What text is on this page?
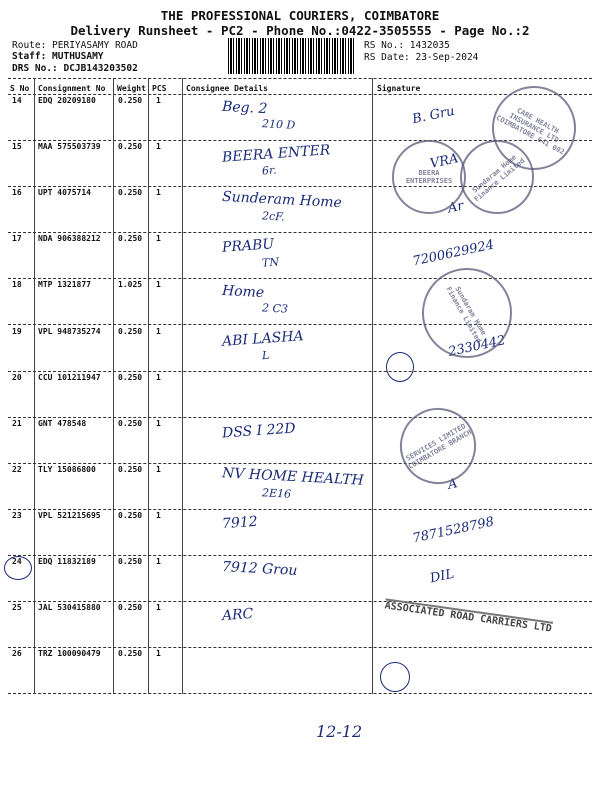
THE PROFESSIONAL COURIERS, COIMBATORE
Delivery Runsheet - PC2 - Phone No.:0422-3505555 - Page No.:2
Route: PERIYASAMY ROAD
Staff: MUTHUSAMY
DRS No.: DCJB143203502
RS No.: 1432035
RS Date: 23-Sep-2024
S No Consignment No Weight PCS Consignee Details	Signature
14 EDQ 20209180	0.250 1	Beg. 2
210 D	B. Gru
15 MAA 575503739 0.250 1	BEERA ENTER
6r.	VRA
16 UPT 4075714	0.250 1	Sunderam Home
2cF.
Ar
17 NDA 906388212 0.250 1	PRABU
TN	7200629924
18 MTP 1321877	1.025 1	Home
2 C3
19 VPL 948735274 0.250 1	ABI LASHA
L	2330442
20 CCU 101211947 0.250 1
21 GNT 478548	0.250 1	DSS I 22D
22 TLY 15086800	0.250 1	NV HOME HEALTH
2E16
A
23 VPL 521215695 0.250 1	7912	7871528798
24 EDQ 11832189	0.250 1	7912 Grou	DIL
25 JAL 530415880 0.250 1	ARC
26 TRZ 100090479 0.250 1
CARE HEALTH INSURANCE LTD COIMBATORE 641 002
BEERA ENTERPRISES	Sundaram Home Finance Limited
Sundaram Home Finance Limited
SERVICES LIMITED COIMBATORE BRANCH
ASSOCIATED ROAD CARRIERS LTD
12-12
